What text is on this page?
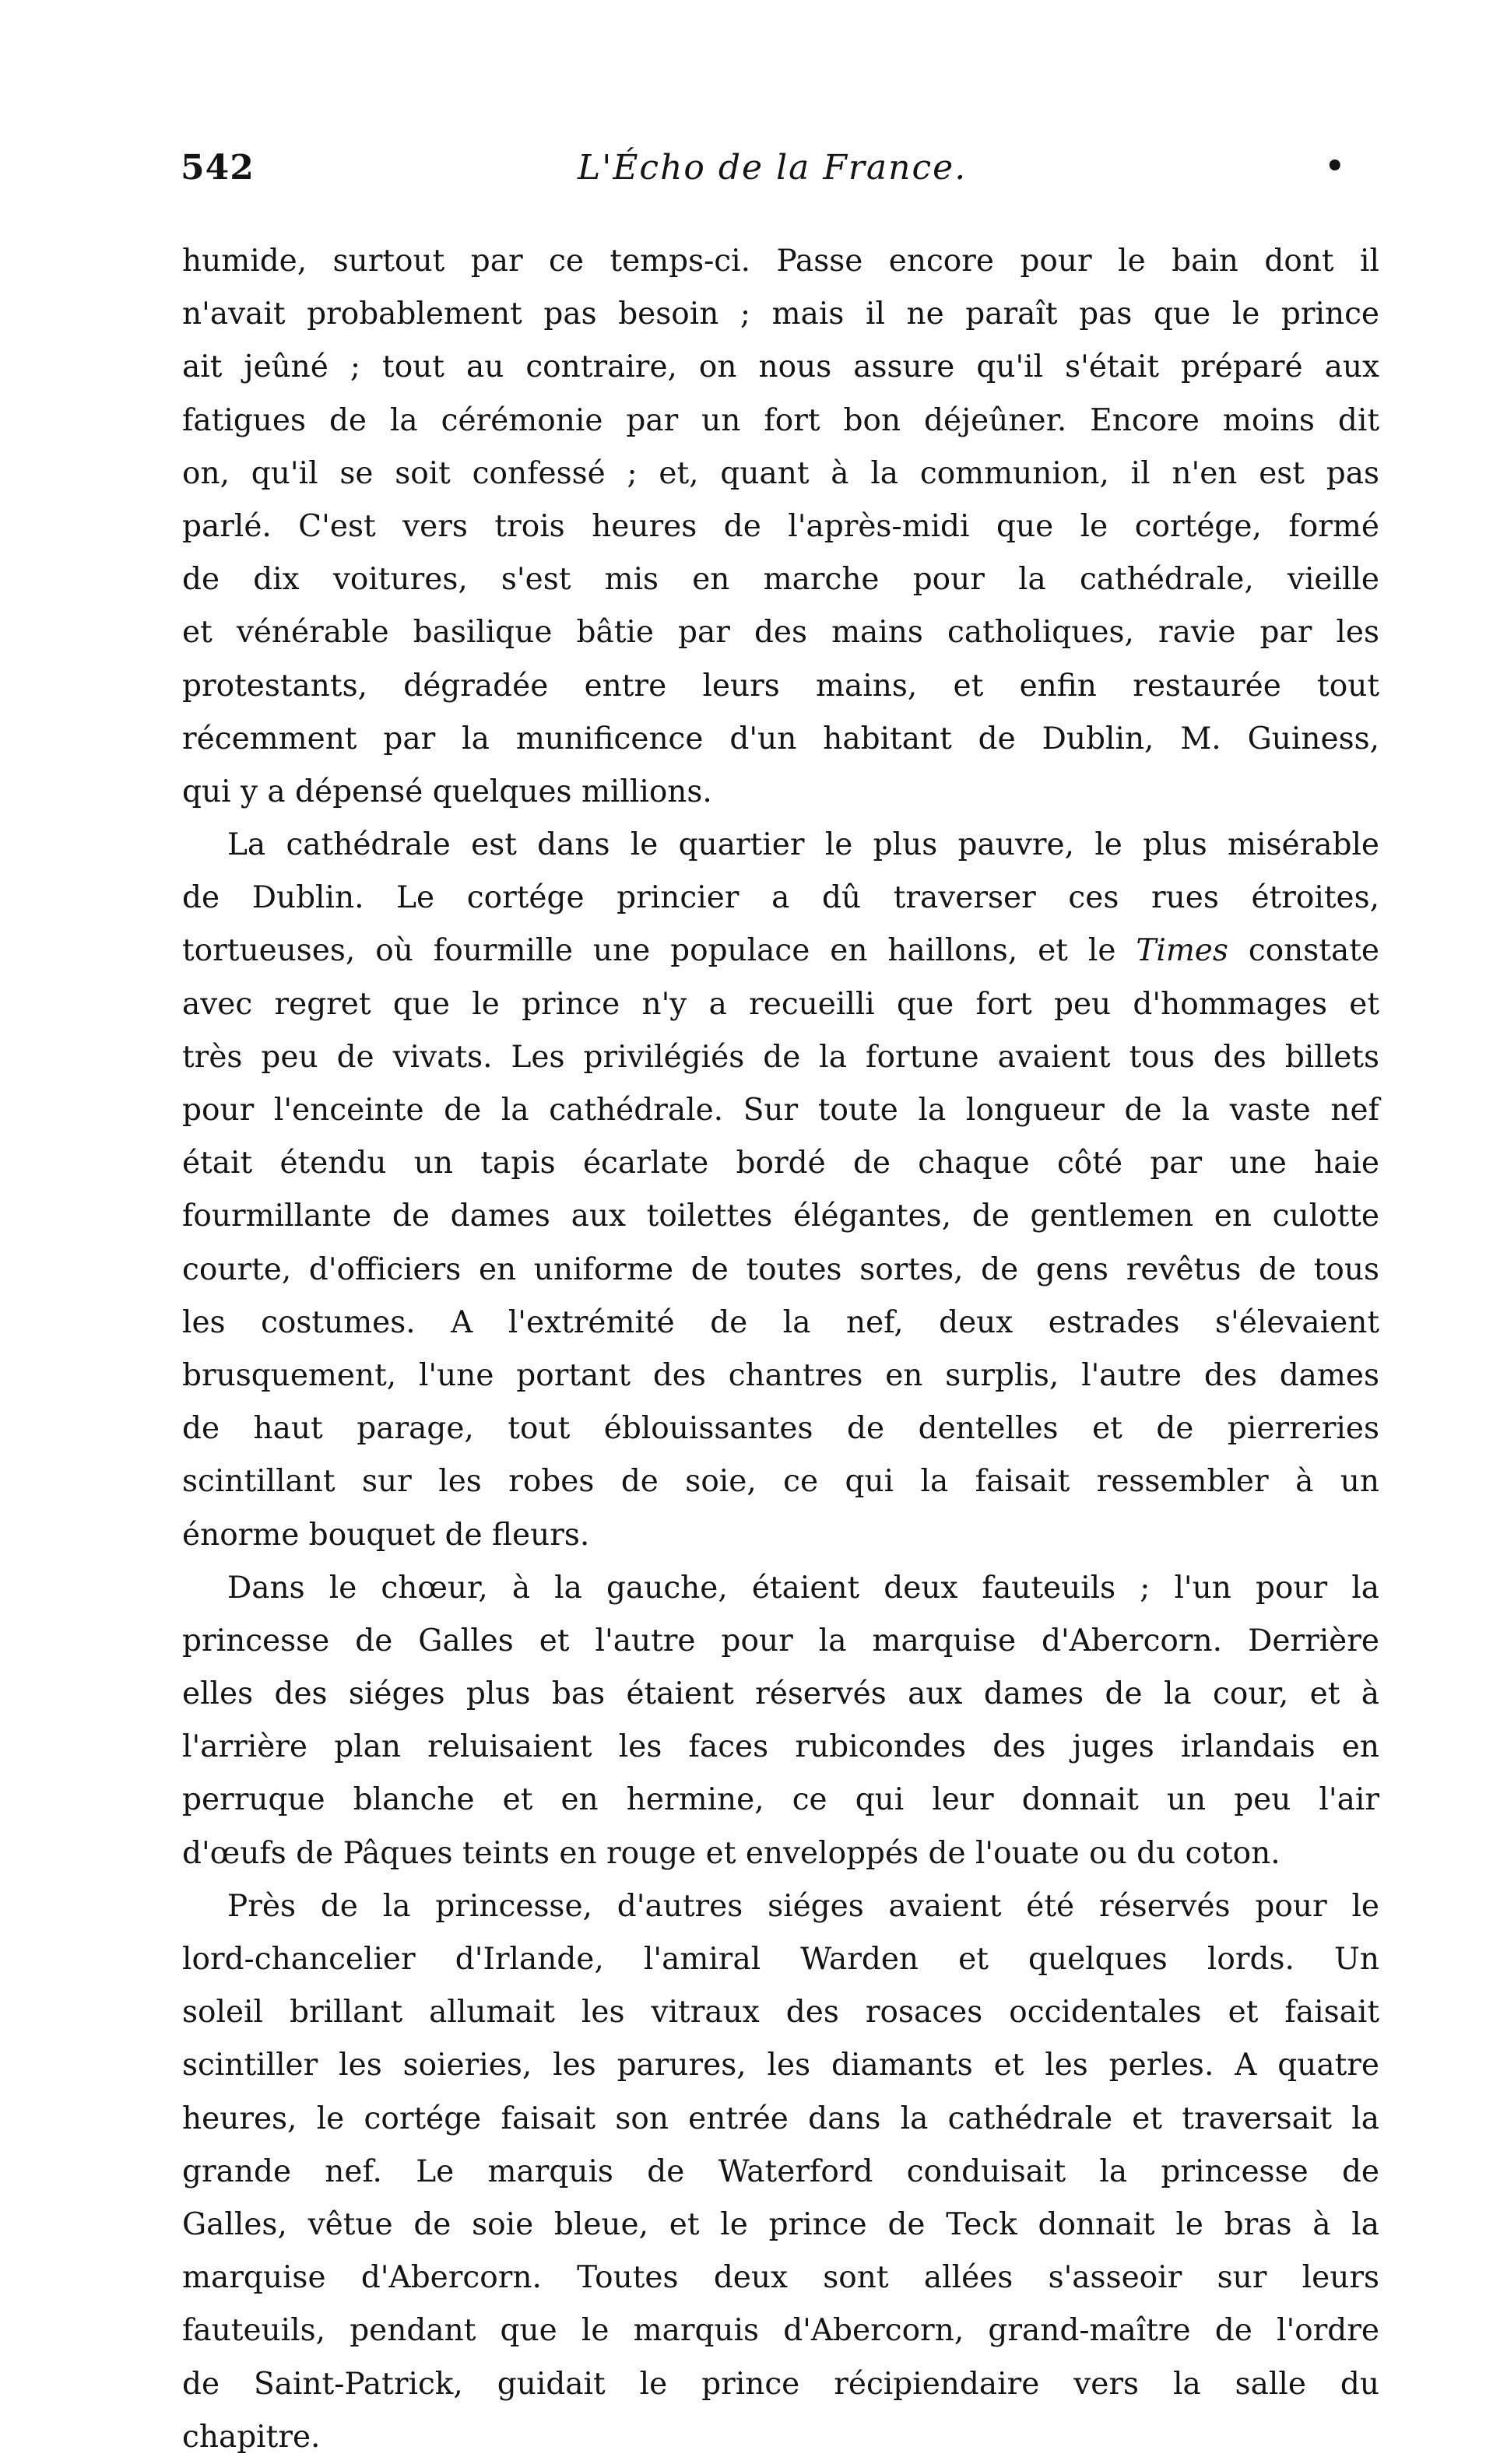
542	L'Écho de la France.	•
humide, surtout par ce temps-ci. Passe encore pour le bain dont il
n'avait probablement pas besoin ; mais il ne paraît pas que le prince
ait jeûné ; tout au contraire, on nous assure qu'il s'était préparé aux
fatigues de la cérémonie par un fort bon déjeûner. Encore moins dit
on, qu'il se soit confessé ; et, quant à la communion, il n'en est pas
parlé. C'est vers trois heures de l'après-midi que le cortége, formé
de dix voitures, s'est mis en marche pour la cathédrale, vieille
et vénérable basilique bâtie par des mains catholiques, ravie par les
protestants, dégradée entre leurs mains, et enfin restaurée tout
récemment par la munificence d'un habitant de Dublin, M. Guiness,
qui y a dépensé quelques millions.
La cathédrale est dans le quartier le plus pauvre, le plus misérable
de Dublin. Le cortége princier a dû traverser ces rues étroites,
tortueuses, où fourmille une populace en haillons, et le Times constate
avec regret que le prince n'y a recueilli que fort peu d'hommages et
très peu de vivats. Les privilégiés de la fortune avaient tous des billets
pour l'enceinte de la cathédrale. Sur toute la longueur de la vaste nef
était étendu un tapis écarlate bordé de chaque côté par une haie
fourmillante de dames aux toilettes élégantes, de gentlemen en culotte
courte, d'officiers en uniforme de toutes sortes, de gens revêtus de tous
les costumes. A l'extrémité de la nef, deux estrades s'élevaient
brusquement, l'une portant des chantres en surplis, l'autre des dames
de haut parage, tout éblouissantes de dentelles et de pierreries
scintillant sur les robes de soie, ce qui la faisait ressembler à un
énorme bouquet de fleurs.
Dans le chœur, à la gauche, étaient deux fauteuils ; l'un pour la
princesse de Galles et l'autre pour la marquise d'Abercorn. Derrière
elles des siéges plus bas étaient réservés aux dames de la cour, et à
l'arrière plan reluisaient les faces rubicondes des juges irlandais en
perruque blanche et en hermine, ce qui leur donnait un peu l'air
d'œufs de Pâques teints en rouge et enveloppés de l'ouate ou du coton.
Près de la princesse, d'autres siéges avaient été réservés pour le
lord-chancelier d'Irlande, l'amiral Warden et quelques lords. Un
soleil brillant allumait les vitraux des rosaces occidentales et faisait
scintiller les soieries, les parures, les diamants et les perles. A quatre
heures, le cortége faisait son entrée dans la cathédrale et traversait la
grande nef. Le marquis de Waterford conduisait la princesse de
Galles, vêtue de soie bleue, et le prince de Teck donnait le bras à la
marquise d'Abercorn. Toutes deux sont allées s'asseoir sur leurs
fauteuils, pendant que le marquis d'Abercorn, grand-maître de l'ordre
de Saint-Patrick, guidait le prince récipiendaire vers la salle du
chapitre.
